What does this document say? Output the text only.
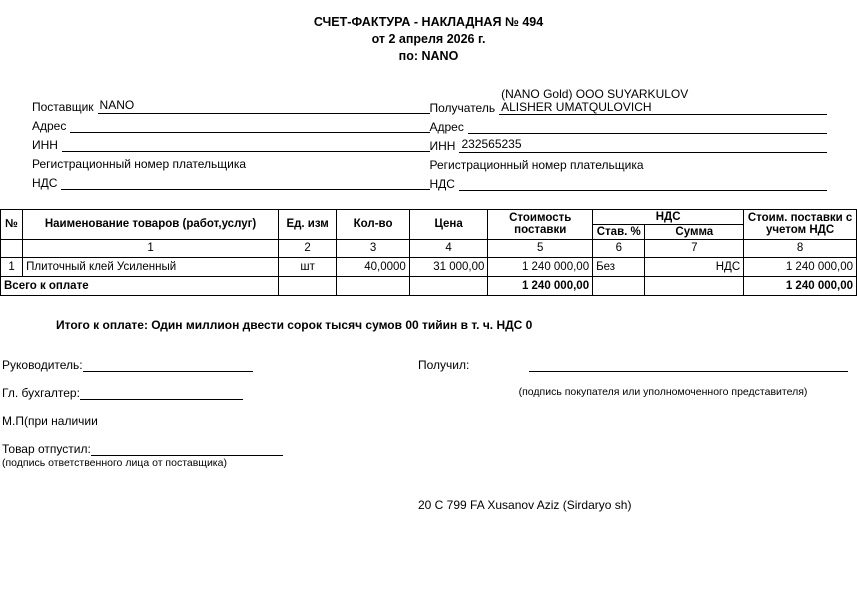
СЧЕТ-ФАКТУРА - НАКЛАДНАЯ № 494
от 2 апреля 2026 г.
по: NANO
Поставщик NANO
Адрес
ИНН
Регистрационный номер плательщика
НДС
Получатель
(NANO Gold) ООО SUYARKULOV
ALISHER UMATQULOVICH
Адрес
ИНН 232565235
Регистрационный номер плательщика
НДС
№	Наименование товаров (работ,услуг)	Ед. изм	Кол-во	Цена	Стоимость поставки	НДС		Стоим. поставки с учетом НДС
						Став. %	Сумма	
	1	2	3	4	5	6	7	8
1	Плиточный клей Усиленный	шт	40,0000	31 000,00	1 240 000,00	Без	НДС	1 240 000,00
Всего к оплате					1 240 000,00			1 240 000,00
Итого к оплате: Один миллион двести сорок тысяч сумов 00 тийин в т. ч. НДС 0
Руководитель:
Гл. бухгалтер:
М.П(при наличии
Товар отпустил:
(подпись ответственного лица от поставщика)
Получил:
(подпись покупателя или уполномоченного представителя)
20 C 799 FA Xusanov Aziz (Sirdaryo sh)
